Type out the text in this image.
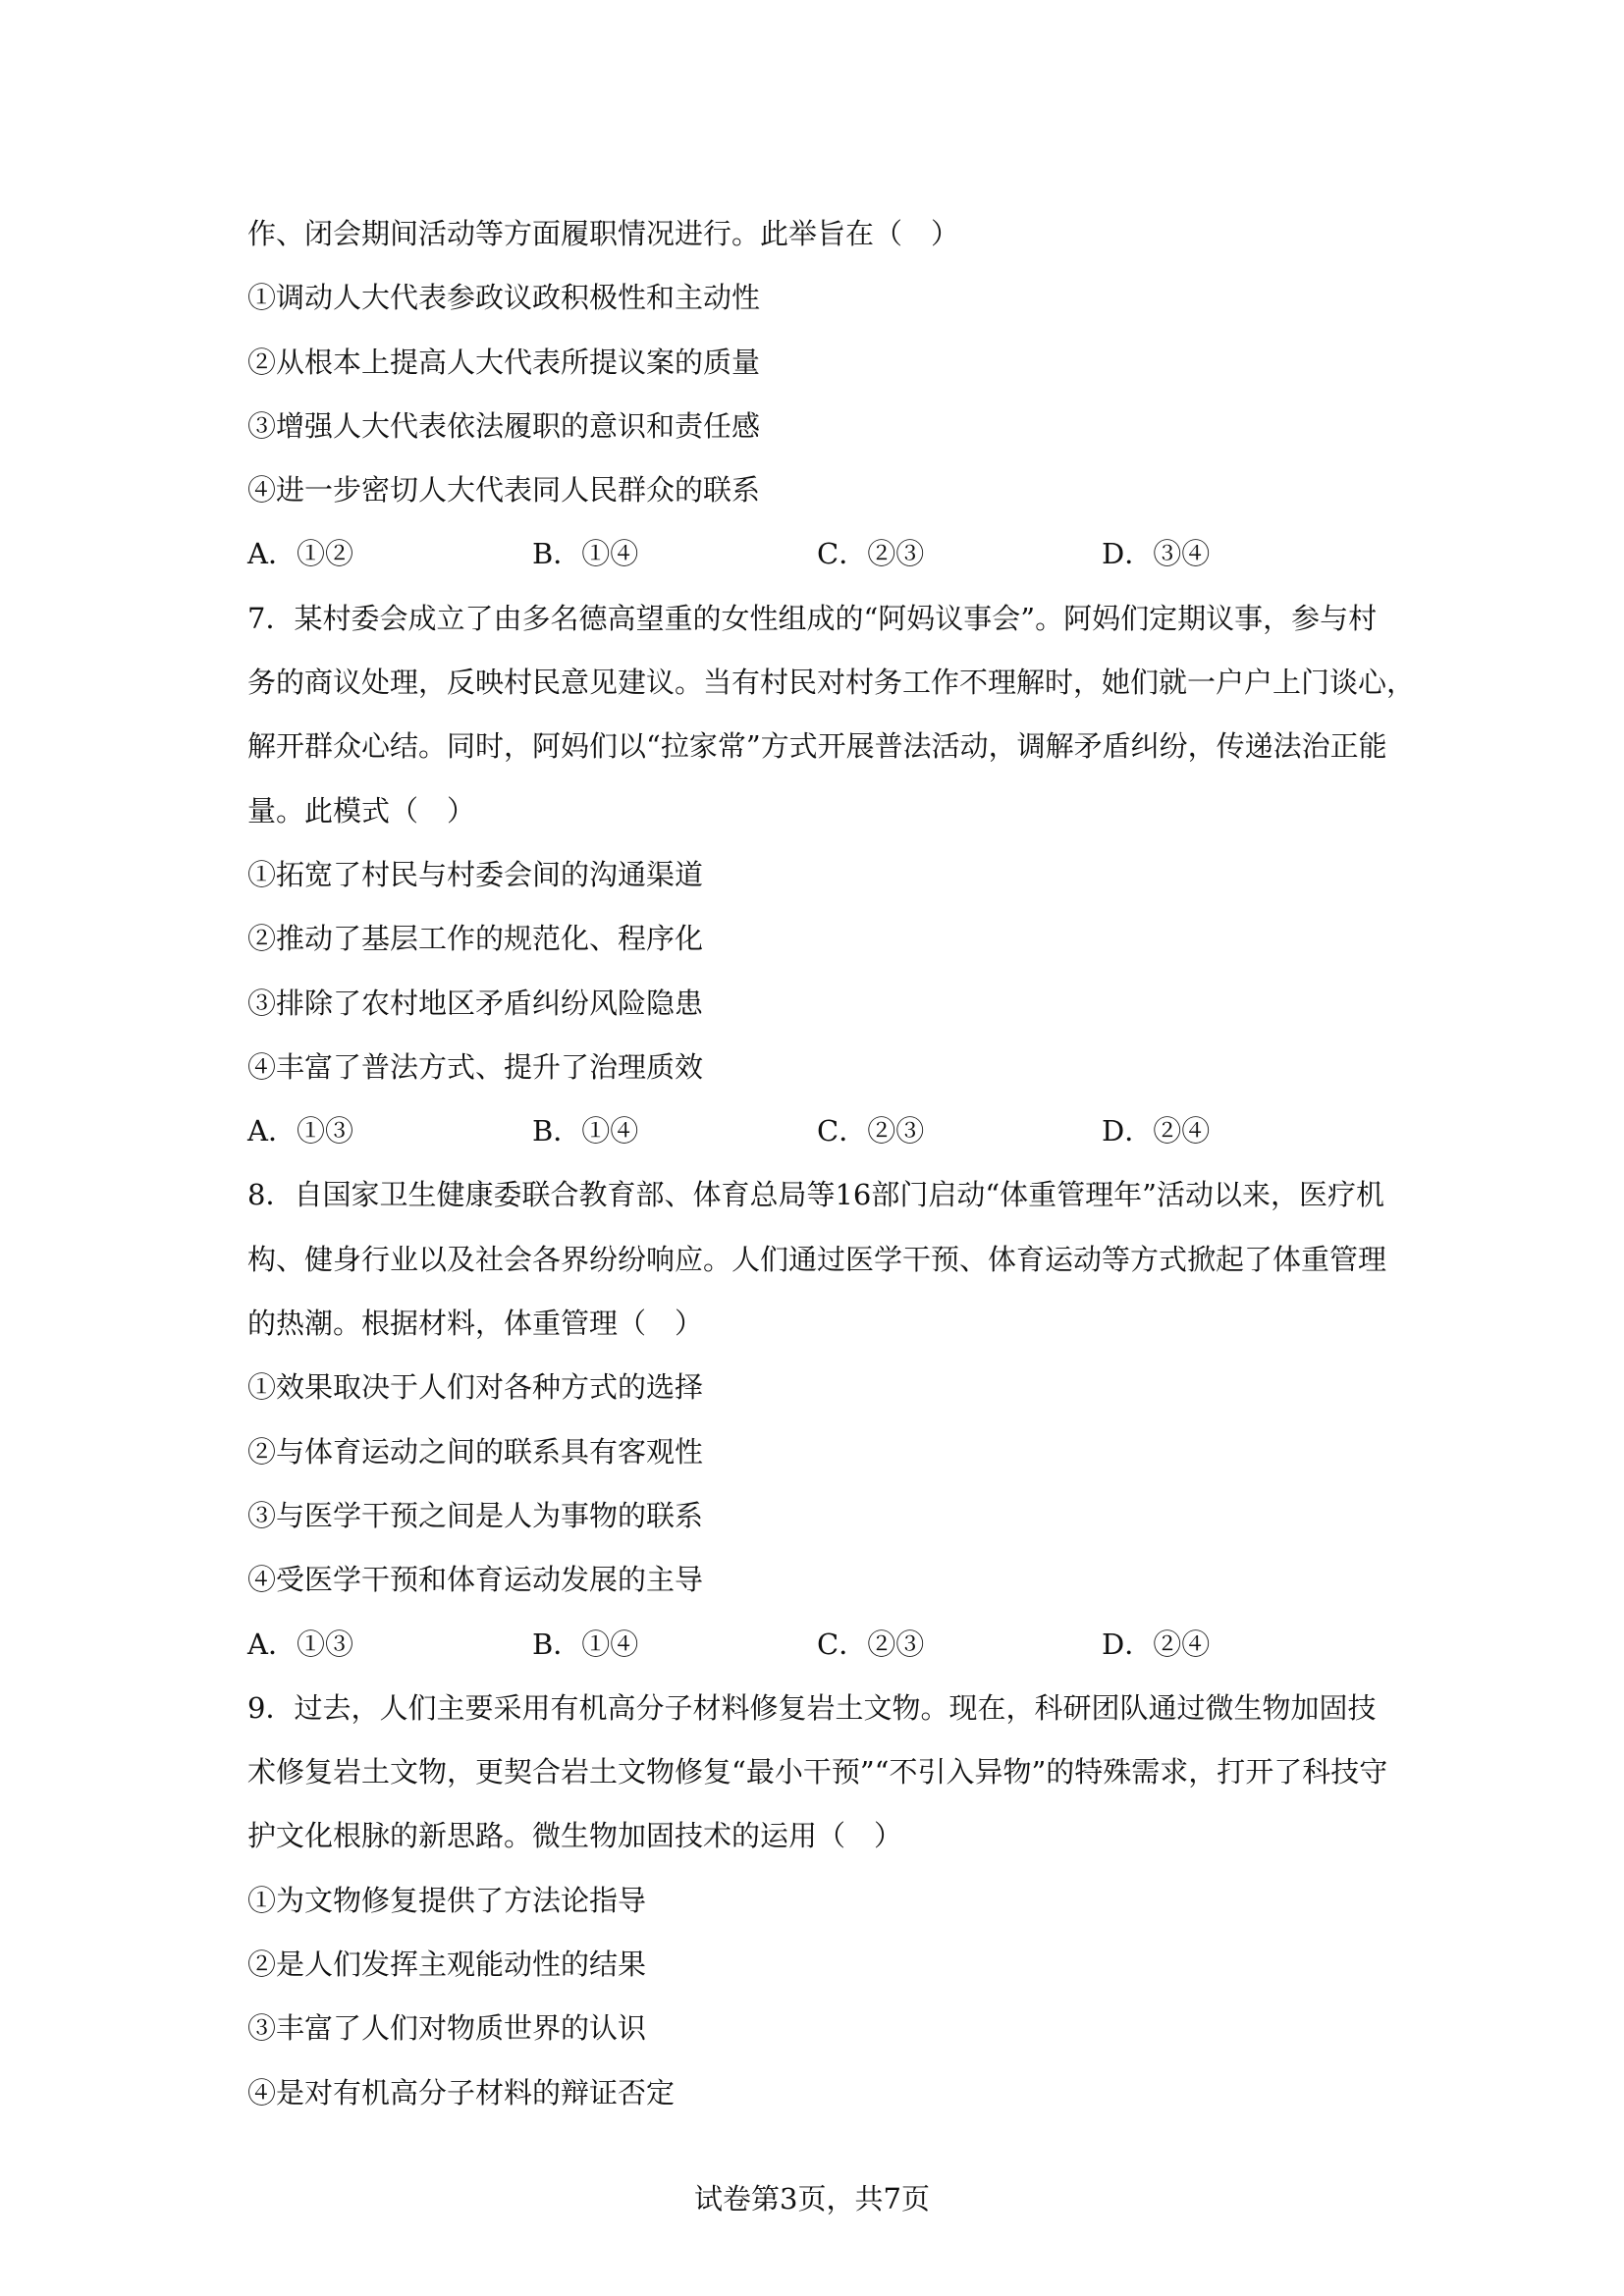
作、闭会期间活动等方面履职情况进行。此举旨在（　）
①调动人大代表参政议政积极性和主动性
②从根本上提高人大代表所提议案的质量
③增强人大代表依法履职的意识和责任感
④进一步密切人大代表同人民群众的联系
A．①②	B．①④	C．②③	D．③④
7．某村委会成立了由多名德高望重的女性组成的“阿妈议事会”。阿妈们定期议事，参与村
务的商议处理，反映村民意见建议。当有村民对村务工作不理解时，她们就一户户上门谈心，
解开群众心结。同时，阿妈们以“拉家常”方式开展普法活动，调解矛盾纠纷，传递法治正能
量。此模式（　）
①拓宽了村民与村委会间的沟通渠道
②推动了基层工作的规范化、程序化
③排除了农村地区矛盾纠纷风险隐患
④丰富了普法方式、提升了治理质效
A．①③	B．①④	C．②③	D．②④
8．自国家卫生健康委联合教育部、体育总局等16部门启动“体重管理年”活动以来，医疗机
构、健身行业以及社会各界纷纷响应。人们通过医学干预、体育运动等方式掀起了体重管理
的热潮。根据材料，体重管理（　）
①效果取决于人们对各种方式的选择
②与体育运动之间的联系具有客观性
③与医学干预之间是人为事物的联系
④受医学干预和体育运动发展的主导
A．①③	B．①④	C．②③	D．②④
9．过去，人们主要采用有机高分子材料修复岩土文物。现在，科研团队通过微生物加固技
术修复岩土文物，更契合岩土文物修复“最小干预”“不引入异物”的特殊需求，打开了科技守
护文化根脉的新思路。微生物加固技术的运用（　）
①为文物修复提供了方法论指导
②是人们发挥主观能动性的结果
③丰富了人们对物质世界的认识
④是对有机高分子材料的辩证否定
试卷第3页，共7页
